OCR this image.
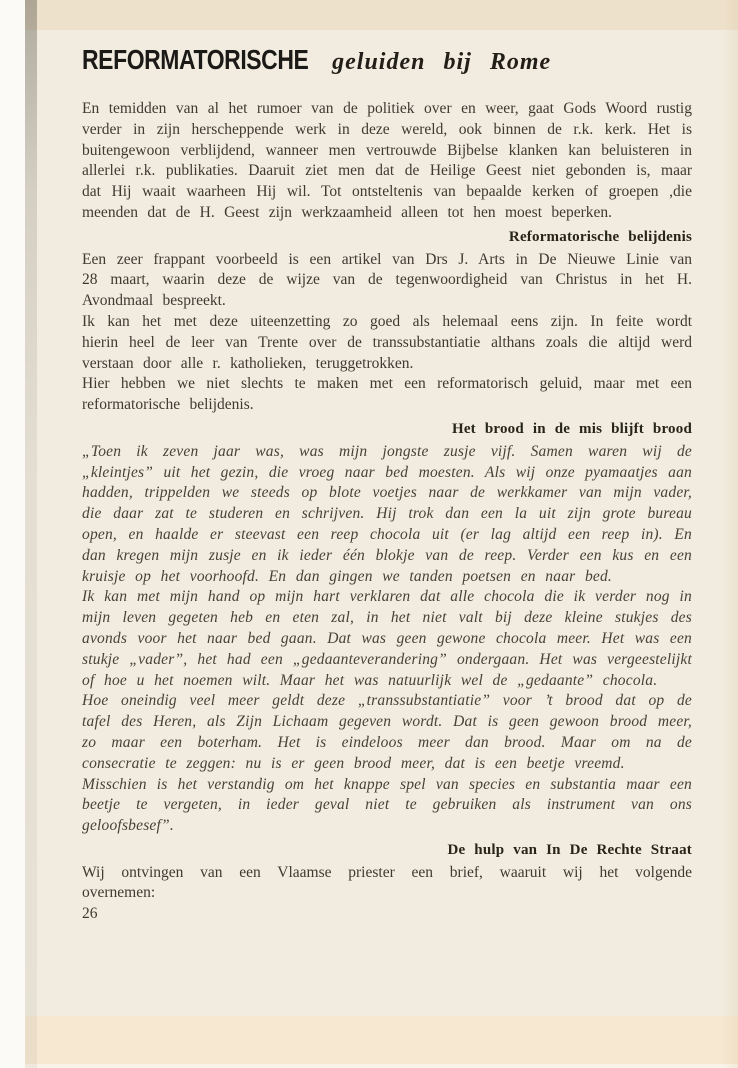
REFORMATORISCHE geluiden bij Rome

En temidden van al het rumoer van de politiek over en weer, gaat Gods Woord rustig verder in zijn herscheppende werk in deze wereld, ook binnen de r.k. kerk. Het is buitengewoon verblijdend, wanneer men vertrouwde Bijbelse klanken kan beluisteren in allerlei r.k. publikaties. Daaruit ziet men dat de Heilige Geest niet gebonden is, maar dat Hij waait waarheen Hij wil. Tot ontsteltenis van bepaalde kerken of groepen ,die meenden dat de H. Geest zijn werkzaamheid alleen tot hen moest beperken.

Reformatorische belijdenis

Een zeer frappant voorbeeld is een artikel van Drs J. Arts in De Nieuwe Linie van 28 maart, waarin deze de wijze van de tegenwoordigheid van Christus in het H. Avondmaal bespreekt.

Ik kan het met deze uiteenzetting zo goed als helemaal eens zijn. In feite wordt hierin heel de leer van Trente over de transsubstantiatie althans zoals die altijd werd verstaan door alle r. katholieken, teruggetrokken.

Hier hebben we niet slechts te maken met een reformatorisch geluid, maar met een reformatorische belijdenis.

Het brood in de mis blijft brood

„Toen ik zeven jaar was, was mijn jongste zusje vijf. Samen waren wij de „kleintjes” uit het gezin, die vroeg naar bed moesten. Als wij onze pyamaatjes aan hadden, trippelden we steeds op blote voetjes naar de werkkamer van mijn vader, die daar zat te studeren en schrijven. Hij trok dan een la uit zijn grote bureau open, en haalde er steevast een reep chocola uit (er lag altijd een reep in). En dan kregen mijn zusje en ik ieder één blokje van de reep. Verder een kus en een kruisje op het voorhoofd. En dan gingen we tanden poetsen en naar bed.

Ik kan met mijn hand op mijn hart verklaren dat alle chocola die ik verder nog in mijn leven gegeten heb en eten zal, in het niet valt bij deze kleine stukjes des avonds voor het naar bed gaan. Dat was geen gewone chocola meer. Het was een stukje „vader”, het had een „gedaanteverandering” ondergaan. Het was vergeestelijkt of hoe u het noemen wilt. Maar het was natuurlijk wel de „gedaante” chocola.

Hoe oneindig veel meer geldt deze „transsubstantiatie” voor ’t brood dat op de tafel des Heren, als Zijn Lichaam gegeven wordt. Dat is geen gewoon brood meer, zo maar een boterham. Het is eindeloos meer dan brood. Maar om na de consecratie te zeggen: nu is er geen brood meer, dat is een beetje vreemd.

Misschien is het verstandig om het knappe spel van species en substantia maar een beetje te vergeten, in ieder geval niet te gebruiken als instrument van ons geloofsbesef”.

De hulp van In De Rechte Straat

Wij ontvingen van een Vlaamse priester een brief, waaruit wij het volgende overnemen:

26
